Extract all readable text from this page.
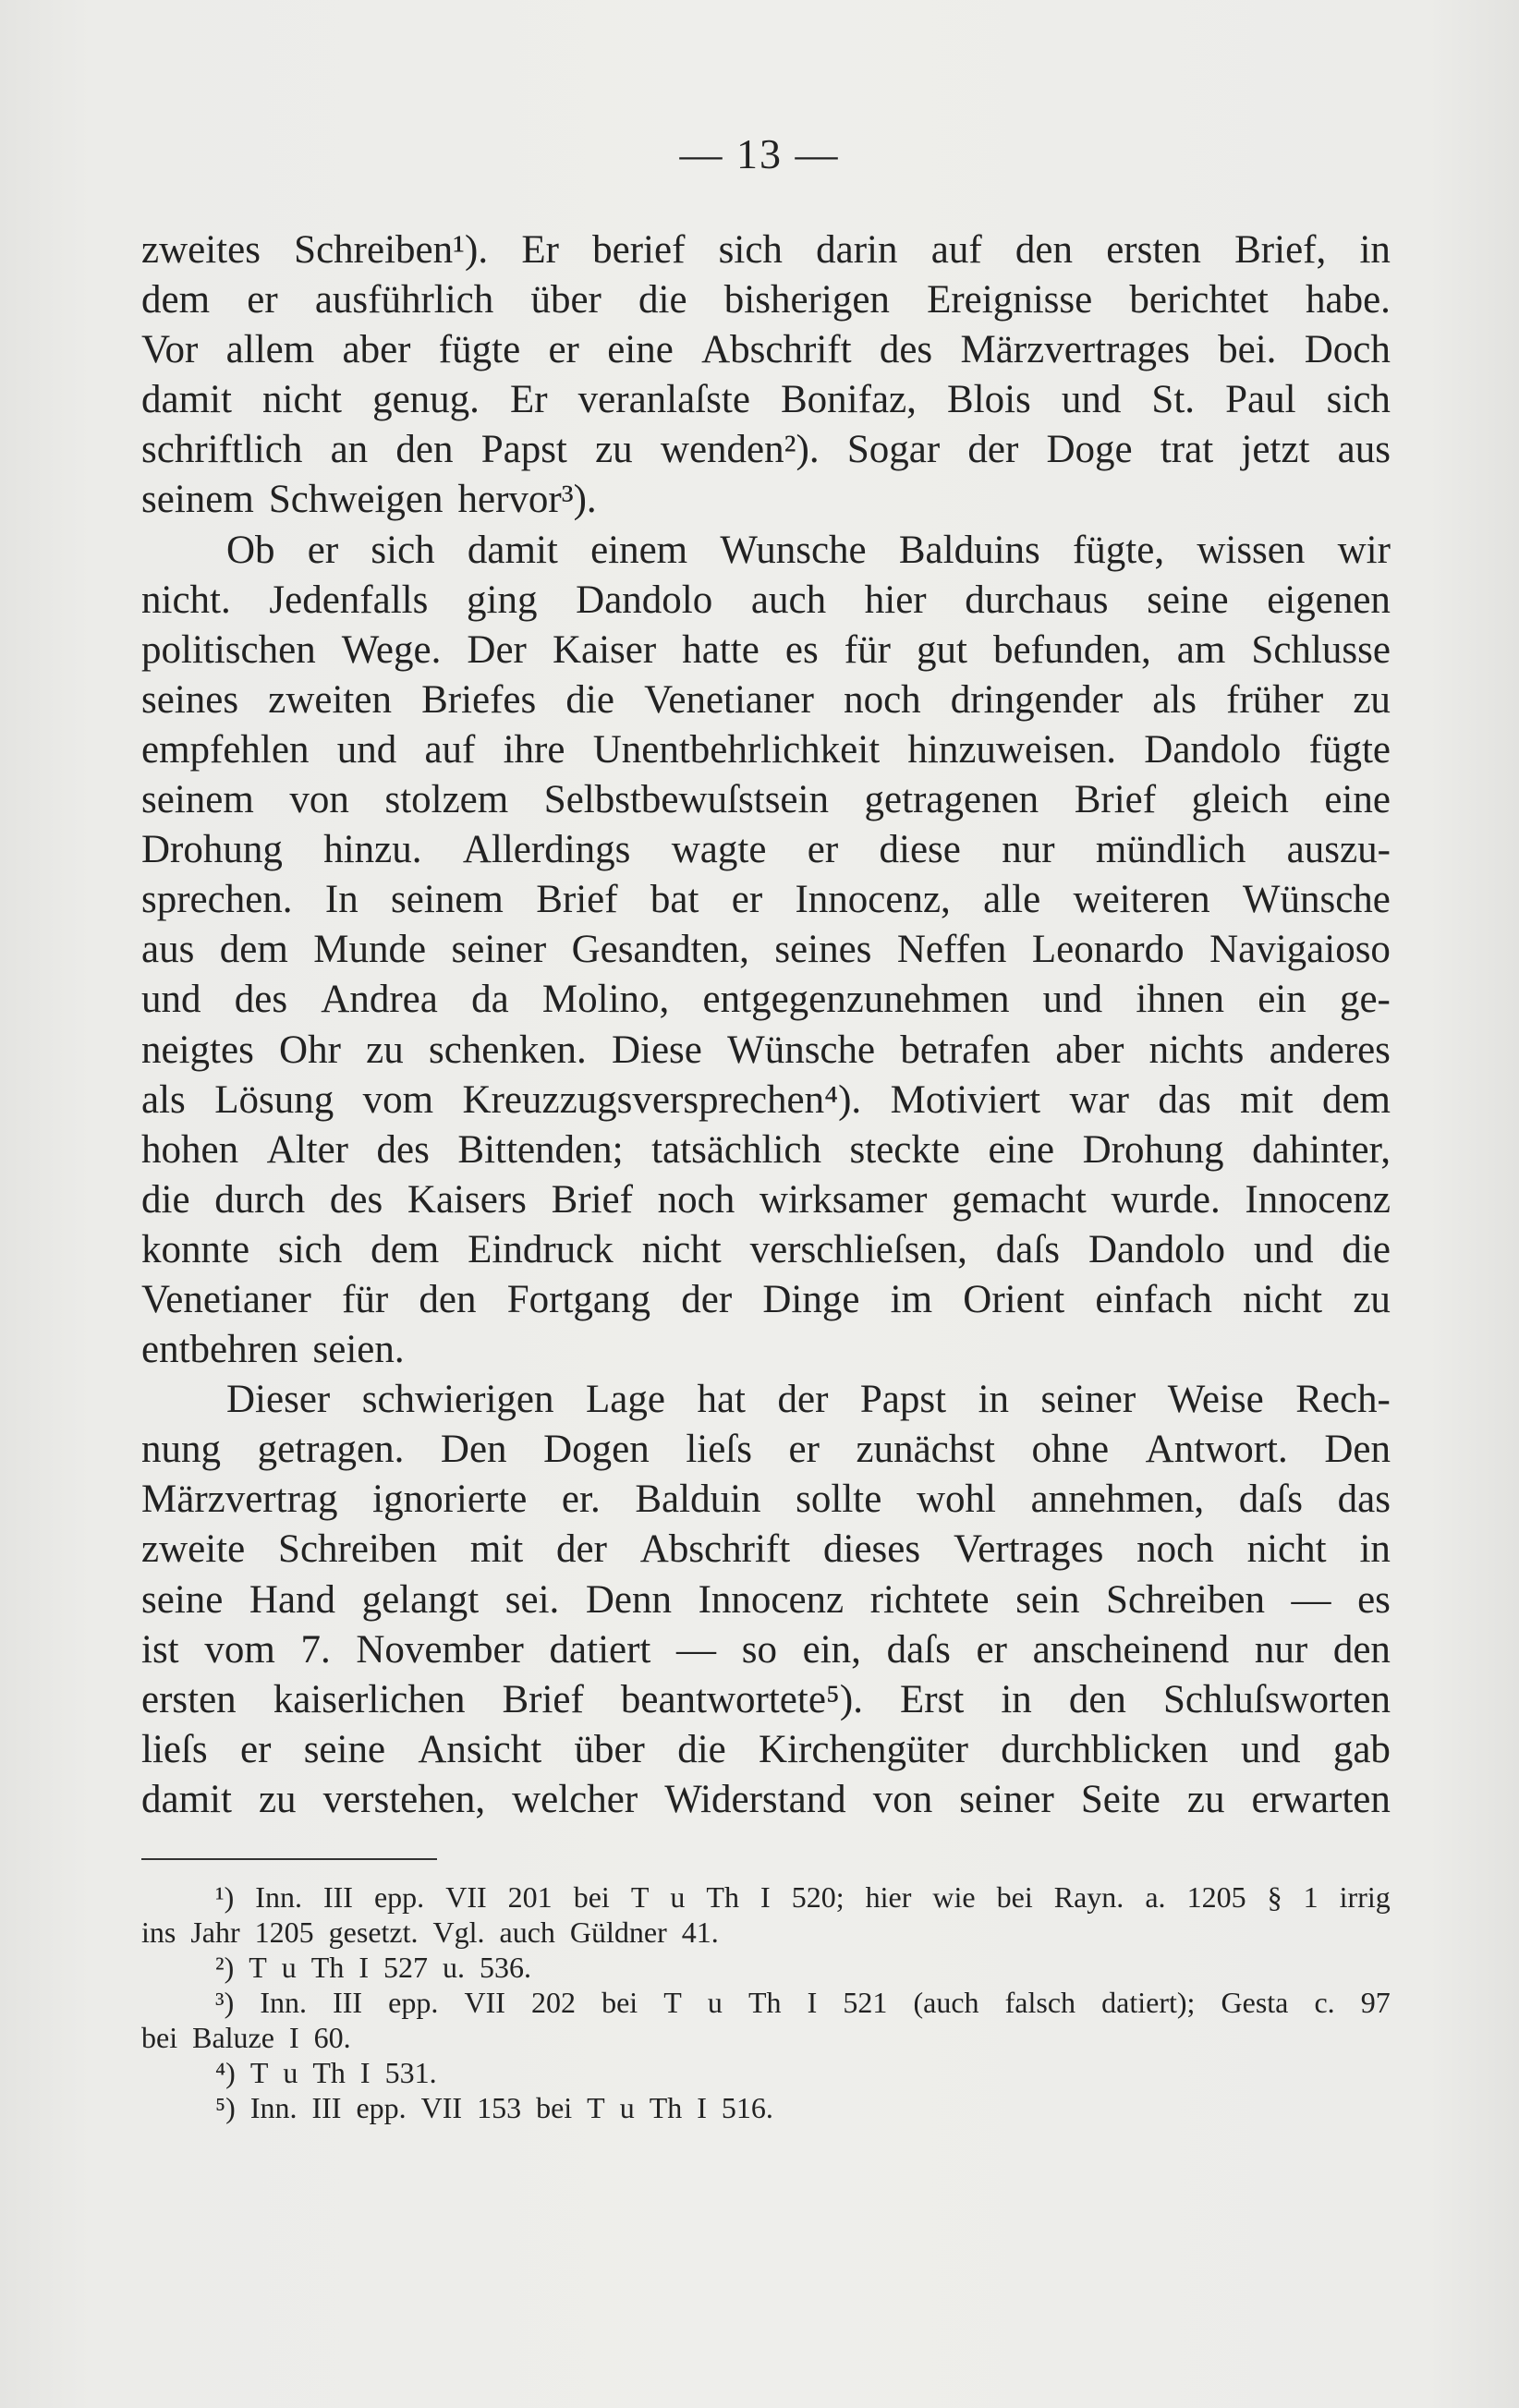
— 13 —
zweites Schreiben¹). Er berief sich darin auf den ersten Brief, in
dem er ausführlich über die bisherigen Ereignisse berichtet habe.
Vor allem aber fügte er eine Abschrift des Märzvertrages bei. Doch
damit nicht genug. Er veranlaſste Bonifaz, Blois und St. Paul sich
schriftlich an den Papst zu wenden²). Sogar der Doge trat jetzt aus
seinem Schweigen hervor³).
Ob er sich damit einem Wunsche Balduins fügte, wissen wir
nicht. Jedenfalls ging Dandolo auch hier durchaus seine eigenen
politischen Wege. Der Kaiser hatte es für gut befunden, am Schlusse
seines zweiten Briefes die Venetianer noch dringender als früher zu
empfehlen und auf ihre Unentbehrlichkeit hinzuweisen. Dandolo fügte
seinem von stolzem Selbstbewuſstsein getragenen Brief gleich eine
Drohung hinzu. Allerdings wagte er diese nur mündlich auszu-
sprechen. In seinem Brief bat er Innocenz, alle weiteren Wünsche
aus dem Munde seiner Gesandten, seines Neffen Leonardo Navigaioso
und des Andrea da Molino, entgegenzunehmen und ihnen ein ge-
neigtes Ohr zu schenken. Diese Wünsche betrafen aber nichts anderes
als Lösung vom Kreuzzugsversprechen⁴). Motiviert war das mit dem
hohen Alter des Bittenden; tatsächlich steckte eine Drohung dahinter,
die durch des Kaisers Brief noch wirksamer gemacht wurde. Innocenz
konnte sich dem Eindruck nicht verschlieſsen, daſs Dandolo und die
Venetianer für den Fortgang der Dinge im Orient einfach nicht zu
entbehren seien.
Dieser schwierigen Lage hat der Papst in seiner Weise Rech-
nung getragen. Den Dogen lieſs er zunächst ohne Antwort. Den
Märzvertrag ignorierte er. Balduin sollte wohl annehmen, daſs das
zweite Schreiben mit der Abschrift dieses Vertrages noch nicht in
seine Hand gelangt sei. Denn Innocenz richtete sein Schreiben — es
ist vom 7. November datiert — so ein, daſs er anscheinend nur den
ersten kaiserlichen Brief beantwortete⁵). Erst in den Schluſsworten
lieſs er seine Ansicht über die Kirchengüter durchblicken und gab
damit zu verstehen, welcher Widerstand von seiner Seite zu erwarten
¹) Inn. III epp. VII 201 bei T u Th I 520; hier wie bei Rayn. a. 1205 § 1 irrig
ins Jahr 1205 gesetzt. Vgl. auch Güldner 41.
²) T u Th I 527 u. 536.
³) Inn. III epp. VII 202 bei T u Th I 521 (auch falsch datiert); Gesta c. 97
bei Baluze I 60.
⁴) T u Th I 531.
⁵) Inn. III epp. VII 153 bei T u Th I 516.
